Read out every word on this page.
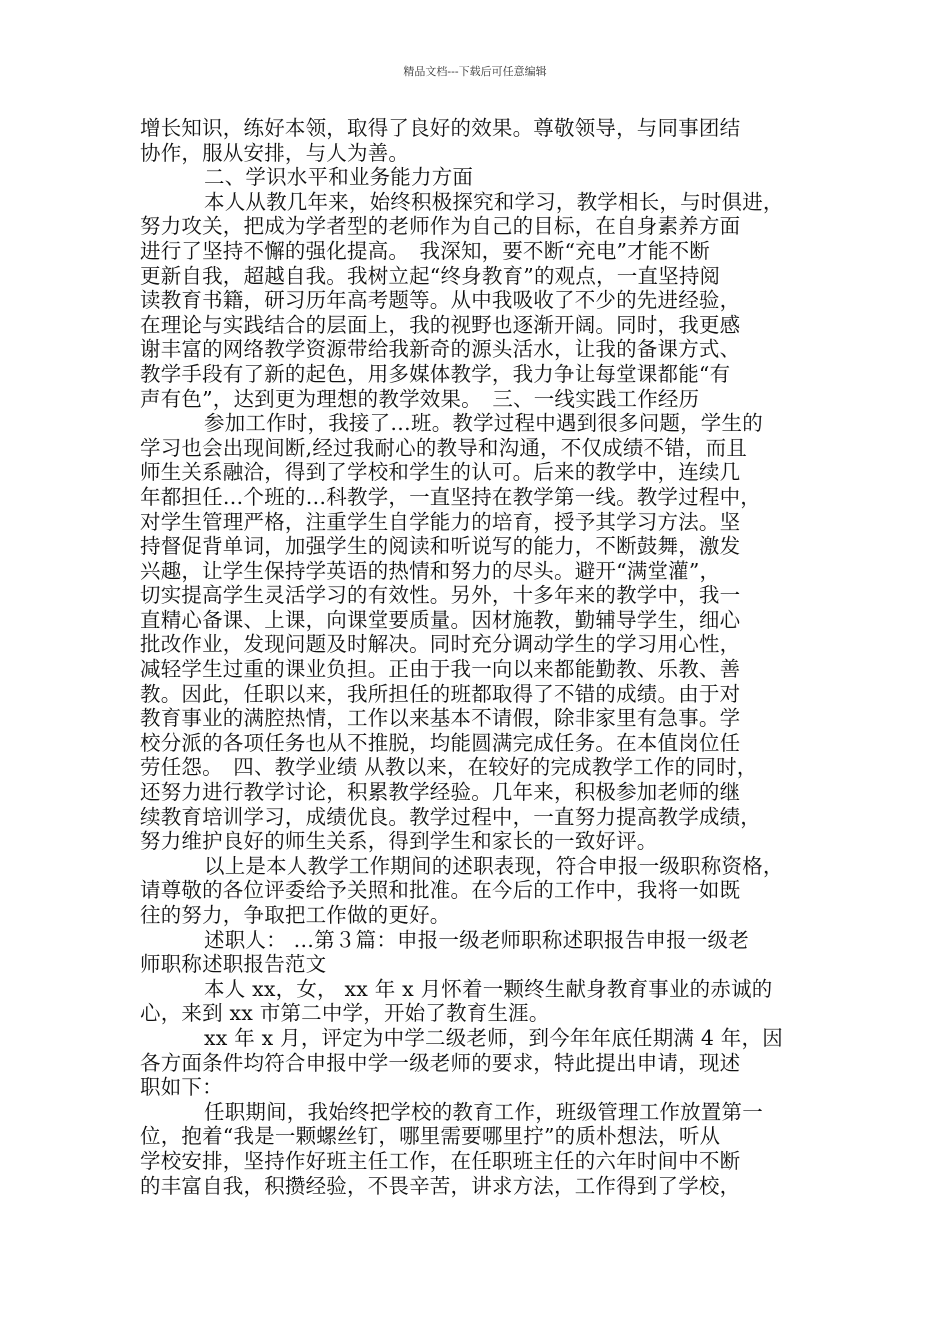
精品文档---下载后可任意编辑
增长知识，练好本领，取得了良好的效果。尊敬领导，与同事团结
协作，服从安排，与人为善。
二、学识水平和业务能力方面
本人从教几年来，始终积极探究和学习，教学相长，与时俱进，
努力攻关，把成为学者型的老师作为自己的目标，在自身素养方面
进行了坚持不懈的强化提高。　我深知，要不断“充电”才能不断
更新自我，超越自我。我树立起“终身教育”的观点，一直坚持阅
读教育书籍，研习历年高考题等。从中我吸收了不少的先进经验，
在理论与实践结合的层面上，我的视野也逐渐开阔。同时，我更感
谢丰富的网络教学资源带给我新奇的源头活水，让我的备课方式、
教学手段有了新的起色，用多媒体教学，我力争让每堂课都能“有
声有色”，达到更为理想的教学效果。　三、一线实践工作经历
参加工作时，我接了…班。教学过程中遇到很多问题，学生的
学习也会出现间断,经过我耐心的教导和沟通，不仅成绩不错，而且
师生关系融洽，得到了学校和学生的认可。后来的教学中，连续几
年都担任…个班的…科教学，一直坚持在教学第一线。教学过程中，
对学生管理严格，注重学生自学能力的培育，授予其学习方法。坚
持督促背单词，加强学生的阅读和听说写的能力，不断鼓舞，激发
兴趣，让学生保持学英语的热情和努力的尽头。避开“满堂灌”，
切实提高学生灵活学习的有效性。另外，十多年来的教学中，我一
直精心备课、上课，向课堂要质量。因材施教，勤辅导学生，细心
批改作业，发现问题及时解决。同时充分调动学生的学习用心性，
减轻学生过重的课业负担。正由于我一向以来都能勤教、乐教、善
教。因此，任职以来，我所担任的班都取得了不错的成绩。由于对
教育事业的满腔热情，工作以来基本不请假，除非家里有急事。学
校分派的各项任务也从不推脱，均能圆满完成任务。在本值岗位任
劳任怨。　四、教学业绩 从教以来，在较好的完成教学工作的同时，
还努力进行教学讨论，积累教学经验。几年来，积极参加老师的继
续教育培训学习，成绩优良。教学过程中，一直努力提高教学成绩，
努力维护良好的师生关系，得到学生和家长的一致好评。
以上是本人教学工作期间的述职表现，符合申报一级职称资格，
请尊敬的各位评委给予关照和批准。在今后的工作中，我将一如既
往的努力，争取把工作做的更好。
述职人： …第３篇：申报一级老师职称述职报告申报一级老
师职称述职报告范文
本人 xx，女， xx 年 x 月怀着一颗终生献身教育事业的赤诚的
心，来到 xx 市第二中学，开始了教育生涯。
xx 年 x 月，评定为中学二级老师，到今年年底任期满 4 年，因
各方面条件均符合申报中学一级老师的要求，特此提出申请，现述
职如下：
任职期间，我始终把学校的教育工作，班级管理工作放置第一
位，抱着“我是一颗螺丝钉，哪里需要哪里拧”的质朴想法，听从
学校安排，坚持作好班主任工作，在任职班主任的六年时间中不断
的丰富自我，积攒经验，不畏辛苦，讲求方法，工作得到了学校，
